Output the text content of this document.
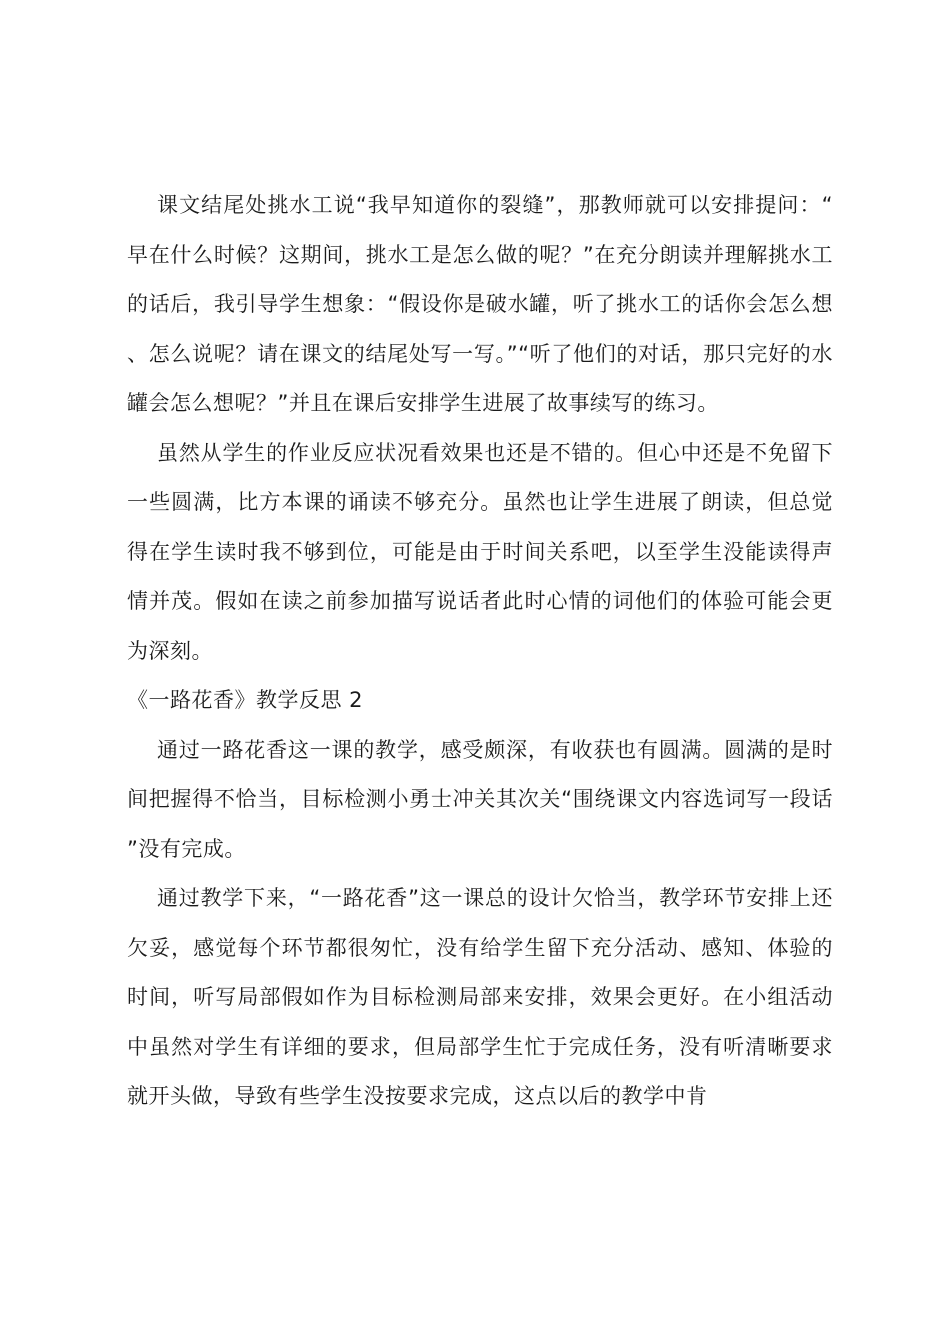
课文结尾处挑水工说“我早知道你的裂缝”，那教师就可以安排提问：“早在什么时候？这期间，挑水工是怎么做的呢？”在充分朗读并理解挑水工的话后，我引导学生想象：“假设你是破水罐，听了挑水工的话你会怎么想、怎么说呢？请在课文的结尾处写一写。”“听了他们的对话，那只完好的水罐会怎么想呢？”并且在课后安排学生进展了故事续写的练习。

虽然从学生的作业反应状况看效果也还是不错的。但心中还是不免留下一些圆满，比方本课的诵读不够充分。虽然也让学生进展了朗读，但总觉得在学生读时我不够到位，可能是由于时间关系吧，以至学生没能读得声情并茂。假如在读之前参加描写说话者此时心情的词他们的体验可能会更为深刻。

《一路花香》教学反思 2

通过一路花香这一课的教学，感受颇深，有收获也有圆满。圆满的是时间把握得不恰当，目标检测小勇士冲关其次关“围绕课文内容选词写一段话”没有完成。

通过教学下来，“一路花香”这一课总的设计欠恰当，教学环节安排上还欠妥，感觉每个环节都很匆忙，没有给学生留下充分活动、感知、体验的时间，听写局部假如作为目标检测局部来安排，效果会更好。在小组活动中虽然对学生有详细的要求，但局部学生忙于完成任务，没有听清晰要求就开头做，导致有些学生没按要求完成，这点以后的教学中肯
